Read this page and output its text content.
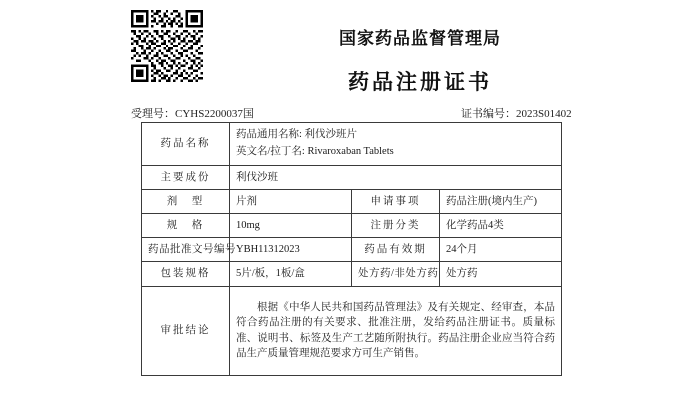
国家药品监督管理局
药品注册证书
受理号：CYHS2200037国	证书编号：2023S01402
药品名称	药品通用名称: 利伐沙班片
英文名/拉丁名: Rivaroxaban Tablets		

主要成份	利伐沙班		
剂　型	片剂	申请事项	药品注册(境内生产)
规　格	10mg	注册分类	化学药品4类
药品批准文号编号	YBH11312023	药品有效期	24个月
包装规格	5片/板，1板/盒	处方药/非处方药	处方药
审批结论	根据《中华人民共和国药品管理法》及有关规定、经审查，本品符合药品注册的有关要求、批准注册，发给药品注册证书。质量标准、说明书、标签及生产工艺随所附执行。药品注册企业应当符合药品生产质量管理规范要求方可生产销售。		
